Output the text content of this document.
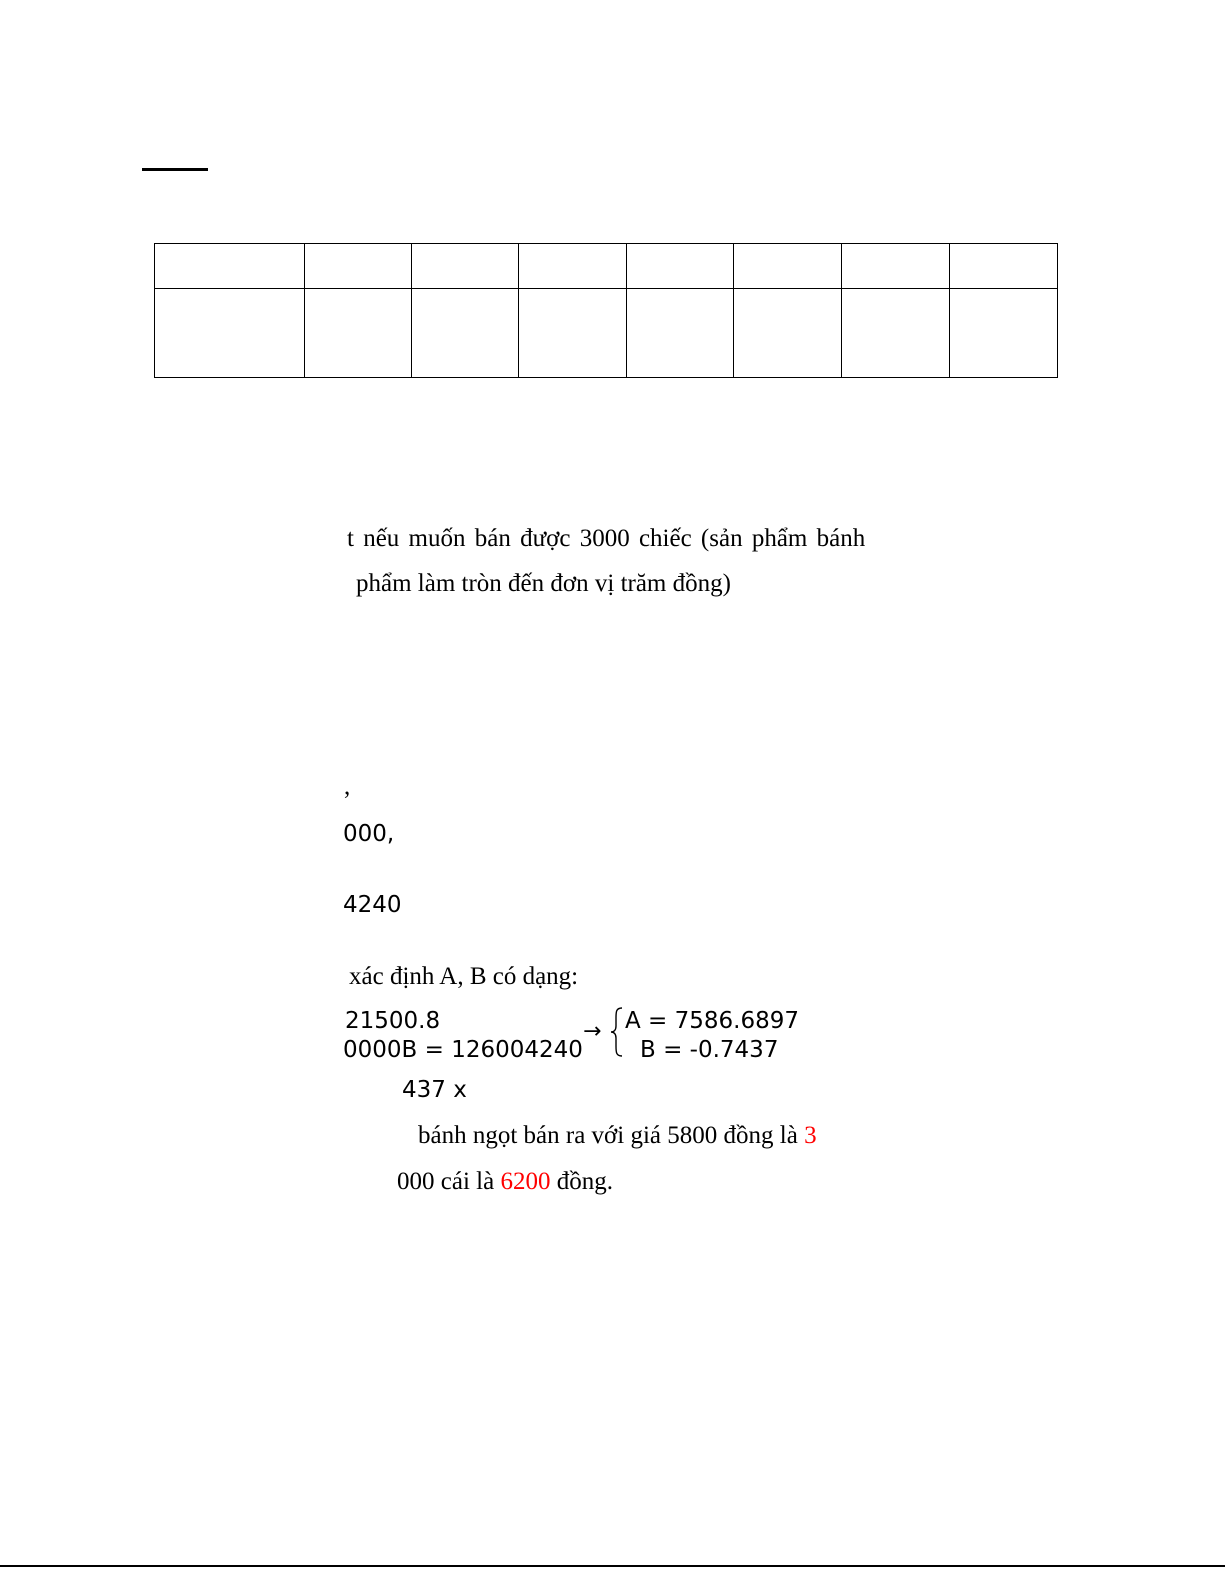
t nếu muốn bán được 3000 chiếc (sản phẩm bánh
phẩm làm tròn đến đơn vị trăm đồng)
,
000,
4240
xác định A, B có dạng:
21500.8
0000B = 126004240
→ A = 7586.6897
B = -0.7437
437 x
bánh ngọt bán ra với giá 5800 đồng là 3
000 cái là 6200 đồng.
